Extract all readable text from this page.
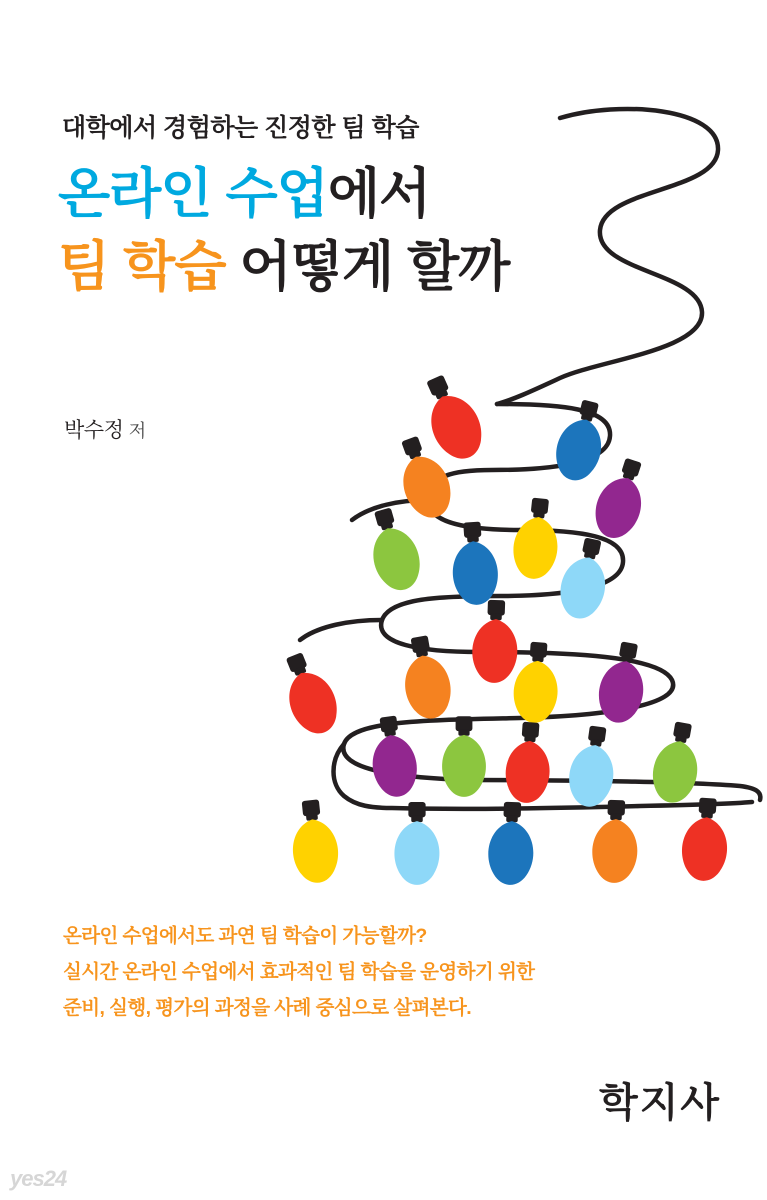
대학에서 경험하는 진정한 팀 학습
온라인 수업에서
팀 학습 어떻게 할까
박수정 저
온라인 수업에서도 과연 팀 학습이 가능할까?
실시간 온라인 수업에서 효과적인 팀 학습을 운영하기 위한
준비, 실행, 평가의 과정을 사례 중심으로 살펴본다.
학지사
yes24
